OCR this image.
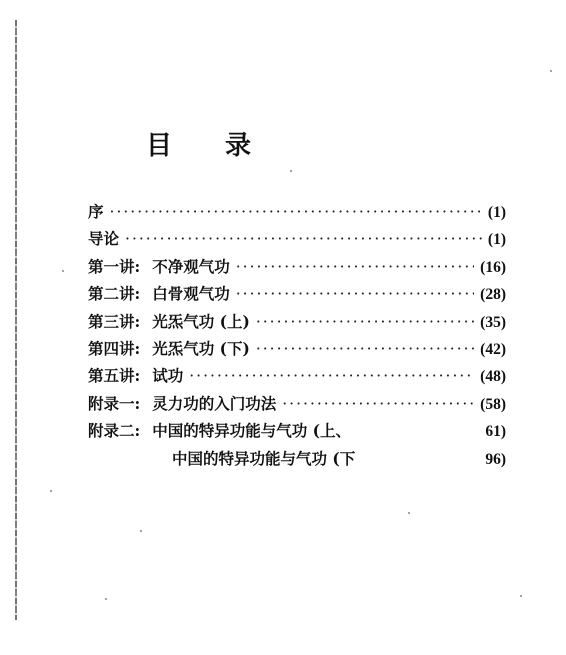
目 录
序 ·····	(1)
导论 ·····	(1)
第一讲: 不净观气功 ·····	(16)
第二讲: 白骨观气功 ·····	(28)
第三讲: 光炁气功 (上) ·····	(35)
第四讲: 光炁气功 (下) ·····	(42)
第五讲: 试功 ·····	(48)
附录一: 灵力功的入门功法 ·····	(58)
附录二: 中国的特异功能与气功 (上、	61)
中国的特异功能与气功 (下	96)
